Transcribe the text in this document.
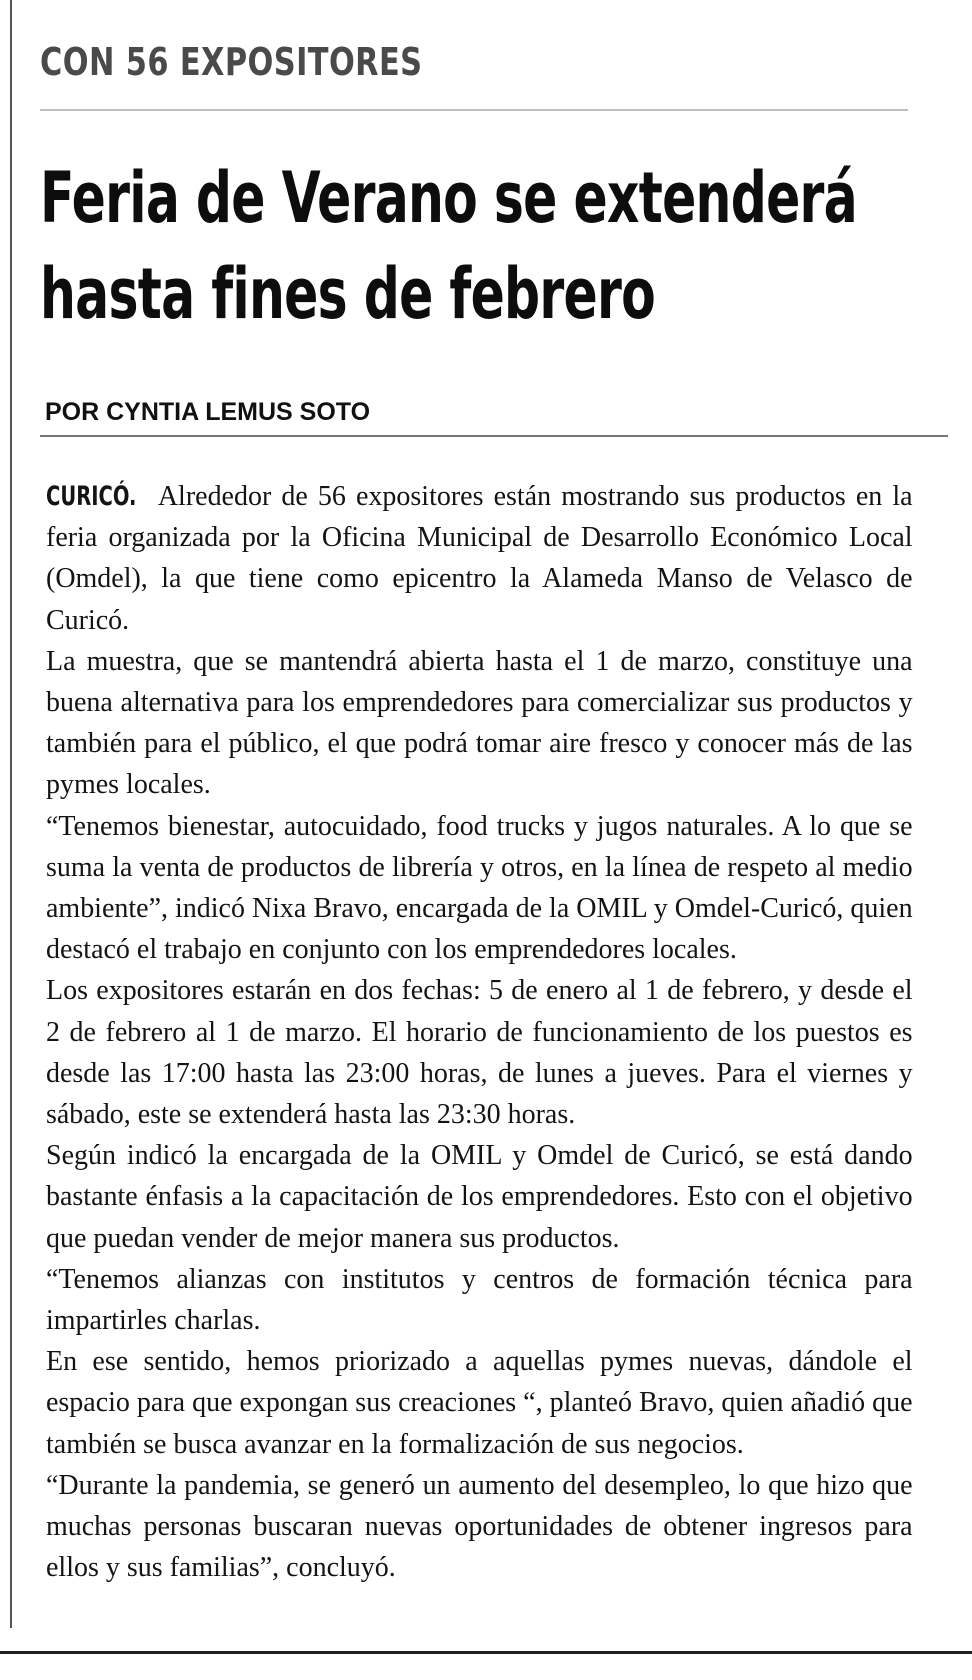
CON 56 EXPOSITORES
Feria de Verano se extenderá
hasta fines de febrero
POR CYNTIA LEMUS SOTO

CURICÓ. Alrededor de 56 expositores están mostrando sus productos en la feria organizada por la Oficina Municipal de Desarrollo Económico Local (Omdel), la que tiene como epicentro la Alameda Manso de Velasco de Curicó.

La muestra, que se mantendrá abierta hasta el 1 de marzo, constituye una buena alternativa para los emprendedores para comercializar sus productos y también para el público, el que podrá tomar aire fresco y conocer más de las pymes locales.

“Tenemos bienestar, autocuidado, food trucks y jugos naturales. A lo que se suma la venta de productos de librería y otros, en la línea de respeto al medio ambiente”, indicó Nixa Bravo, encargada de la OMIL y Omdel-Curicó, quien destacó el trabajo en conjunto con los emprendedores locales.

Los expositores estarán en dos fechas: 5 de enero al 1 de febrero, y desde el 2 de febrero al 1 de marzo. El horario de funcionamiento de los puestos es desde las 17:00 hasta las 23:00 horas, de lunes a jueves. Para el viernes y sábado, este se extenderá hasta las 23:30 horas.

Según indicó la encargada de la OMIL y Omdel de Curicó, se está dando bastante énfasis a la capacitación de los emprendedores. Esto con el objetivo que puedan vender de mejor manera sus productos.

“Tenemos alianzas con institutos y centros de formación técnica para impartirles charlas.

En ese sentido, hemos priorizado a aquellas pymes nuevas, dándole el espacio para que expongan sus creaciones “, planteó Bravo, quien añadió que también se busca avanzar en la formalización de sus negocios.

“Durante la pandemia, se generó un aumento del desempleo, lo que hizo que muchas personas buscaran nuevas oportunidades de obtener ingresos para ellos y sus familias”, concluyó.
